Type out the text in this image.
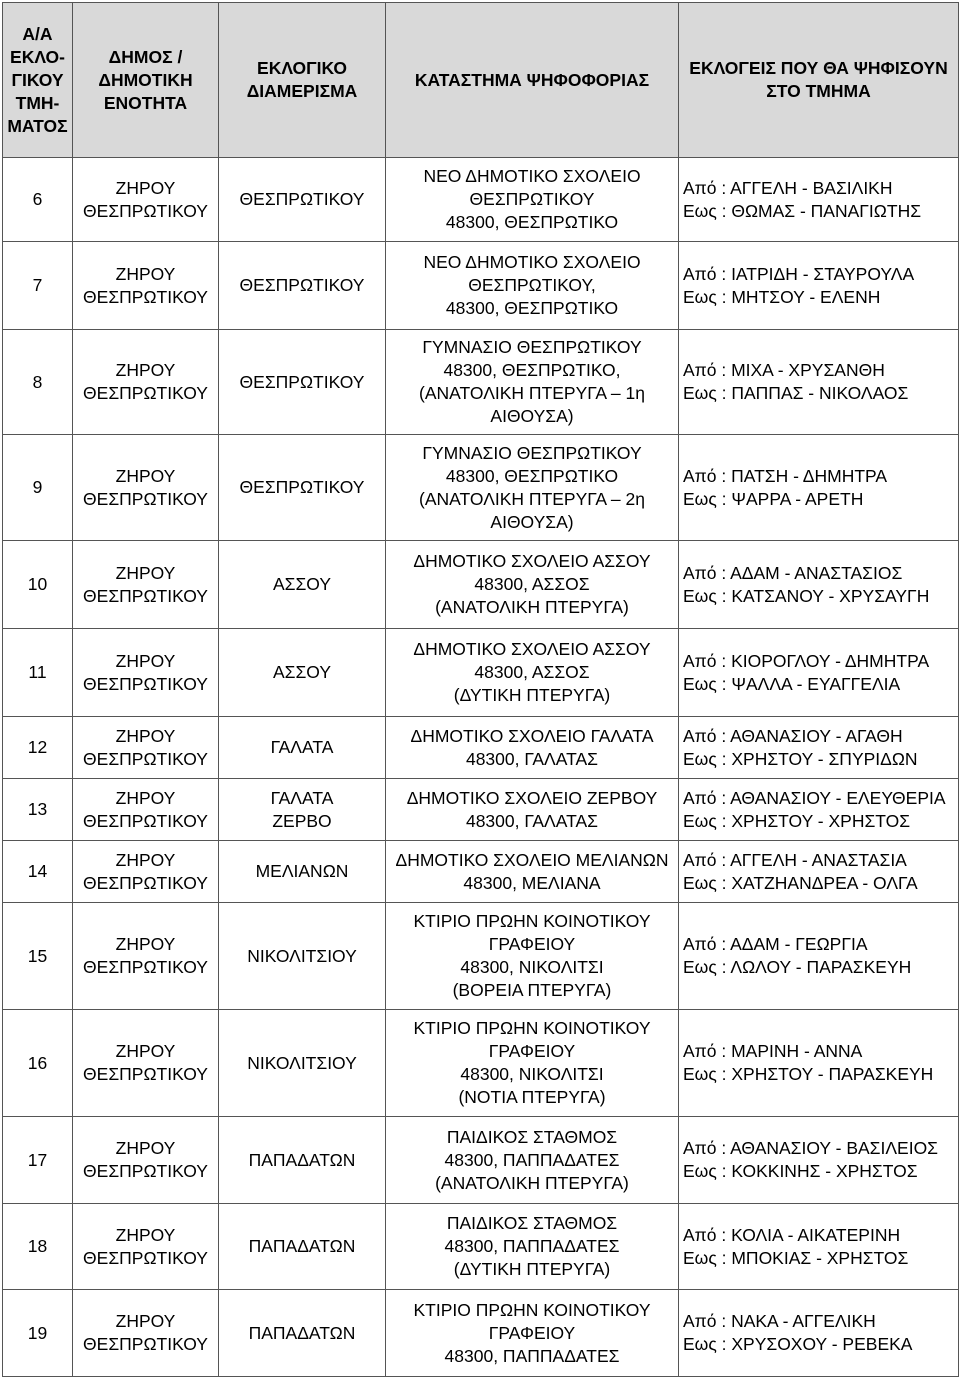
Α/Α
ΕΚΛΟ-
ΓΙΚΟΥ
ΤΜΗ-
ΜΑΤΟΣ	ΔΗΜΟΣ /
ΔΗΜΟΤΙΚΗ
ΕΝΟΤΗΤΑ	ΕΚΛΟΓΙΚΟ
ΔΙΑΜΕΡΙΣΜΑ	ΚΑΤΑΣΤΗΜΑ ΨΗΦΟΦΟΡΙΑΣ	ΕΚΛΟΓΕΙΣ ΠΟΥ ΘΑ ΨΗΦΙΣΟΥΝ
ΣΤΟ ΤΜΗΜΑ

6	ΖΗΡΟΥ
ΘΕΣΠΡΩΤΙΚΟΥ	ΘΕΣΠΡΩΤΙΚΟΥ	ΝΕΟ ΔΗΜΟΤΙΚΟ ΣΧΟΛΕΙΟ
ΘΕΣΠΡΩΤΙΚΟΥ
48300, ΘΕΣΠΡΩΤΙΚΟ	Από : ΑΓΓΕΛΗ - ΒΑΣΙΛΙΚΗ
Εως : ΘΩΜΑΣ - ΠΑΝΑΓΙΩΤΗΣ

7	ΖΗΡΟΥ
ΘΕΣΠΡΩΤΙΚΟΥ	ΘΕΣΠΡΩΤΙΚΟΥ	ΝΕΟ ΔΗΜΟΤΙΚΟ ΣΧΟΛΕΙΟ
ΘΕΣΠΡΩΤΙΚΟΥ,
48300, ΘΕΣΠΡΩΤΙΚΟ	Από : ΙΑΤΡΙΔΗ - ΣΤΑΥΡΟΥΛΑ
Εως : ΜΗΤΣΟΥ - ΕΛΕΝΗ

8	ΖΗΡΟΥ
ΘΕΣΠΡΩΤΙΚΟΥ	ΘΕΣΠΡΩΤΙΚΟΥ	ΓΥΜΝΑΣΙΟ ΘΕΣΠΡΩΤΙΚΟΥ
48300, ΘΕΣΠΡΩΤΙΚΟ,
(ΑΝΑΤΟΛΙΚΗ ΠΤΕΡΥΓΑ – 1η
ΑΙΘΟΥΣΑ)	Από : ΜΙΧΑ - ΧΡΥΣΑΝΘΗ
Εως : ΠΑΠΠΑΣ - ΝΙΚΟΛΑΟΣ

9	ΖΗΡΟΥ
ΘΕΣΠΡΩΤΙΚΟΥ	ΘΕΣΠΡΩΤΙΚΟΥ	ΓΥΜΝΑΣΙΟ ΘΕΣΠΡΩΤΙΚΟΥ
48300, ΘΕΣΠΡΩΤΙΚΟ
(ΑΝΑΤΟΛΙΚΗ ΠΤΕΡΥΓΑ – 2η
ΑΙΘΟΥΣΑ)	Από : ΠΑΤΣΗ - ΔΗΜΗΤΡΑ
Εως : ΨΑΡΡΑ - ΑΡΕΤΗ

10	ΖΗΡΟΥ
ΘΕΣΠΡΩΤΙΚΟΥ	ΑΣΣΟΥ	ΔΗΜΟΤΙΚΟ ΣΧΟΛΕΙΟ ΑΣΣΟΥ
48300, ΑΣΣΟΣ
(ΑΝΑΤΟΛΙΚΗ ΠΤΕΡΥΓΑ)	Από : ΑΔΑΜ - ΑΝΑΣΤΑΣΙΟΣ
Εως : ΚΑΤΣΑΝΟΥ - ΧΡΥΣΑΥΓΗ

11	ΖΗΡΟΥ
ΘΕΣΠΡΩΤΙΚΟΥ	ΑΣΣΟΥ	ΔΗΜΟΤΙΚΟ ΣΧΟΛΕΙΟ ΑΣΣΟΥ
48300, ΑΣΣΟΣ
(ΔΥΤΙΚΗ ΠΤΕΡΥΓΑ)	Από : ΚΙΟΡΟΓΛΟΥ - ΔΗΜΗΤΡΑ
Εως : ΨΑΛΛΑ - ΕΥΑΓΓΕΛΙΑ

12	ΖΗΡΟΥ
ΘΕΣΠΡΩΤΙΚΟΥ	ΓΑΛΑΤΑ	ΔΗΜΟΤΙΚΟ ΣΧΟΛΕΙΟ ΓΑΛΑΤΑ
48300, ΓΑΛΑΤΑΣ	Από : ΑΘΑΝΑΣΙΟΥ - ΑΓΑΘΗ
Εως : ΧΡΗΣΤΟΥ - ΣΠΥΡΙΔΩΝ

13	ΖΗΡΟΥ
ΘΕΣΠΡΩΤΙΚΟΥ	ΓΑΛΑΤΑ
ΖΕΡΒΟ	ΔΗΜΟΤΙΚΟ ΣΧΟΛΕΙΟ ΖΕΡΒΟΥ
48300, ΓΑΛΑΤΑΣ	Από : ΑΘΑΝΑΣΙΟΥ - ΕΛΕΥΘΕΡΙΑ
Εως : ΧΡΗΣΤΟΥ - ΧΡΗΣΤΟΣ

14	ΖΗΡΟΥ
ΘΕΣΠΡΩΤΙΚΟΥ	ΜΕΛΙΑΝΩΝ	ΔΗΜΟΤΙΚΟ ΣΧΟΛΕΙΟ ΜΕΛΙΑΝΩΝ
48300, ΜΕΛΙΑΝΑ	Από : ΑΓΓΕΛΗ - ΑΝΑΣΤΑΣΙΑ
Εως : ΧΑΤΖΗΑΝΔΡΕΑ - ΟΛΓΑ

15	ΖΗΡΟΥ
ΘΕΣΠΡΩΤΙΚΟΥ	ΝΙΚΟΛΙΤΣΙΟΥ	ΚΤΙΡΙΟ ΠΡΩΗΝ ΚΟΙΝΟΤΙΚΟΥ
ΓΡΑΦΕΙΟΥ
48300, ΝΙΚΟΛΙΤΣΙ
(ΒΟΡΕΙΑ ΠΤΕΡΥΓΑ)	Από : ΑΔΑΜ - ΓΕΩΡΓΙΑ
Εως : ΛΩΛΟΥ - ΠΑΡΑΣΚΕΥΗ

16	ΖΗΡΟΥ
ΘΕΣΠΡΩΤΙΚΟΥ	ΝΙΚΟΛΙΤΣΙΟΥ	ΚΤΙΡΙΟ ΠΡΩΗΝ ΚΟΙΝΟΤΙΚΟΥ
ΓΡΑΦΕΙΟΥ
48300, ΝΙΚΟΛΙΤΣΙ
(ΝΟΤΙΑ ΠΤΕΡΥΓΑ)	Από : ΜΑΡΙΝΗ - ΑΝΝΑ
Εως : ΧΡΗΣΤΟΥ - ΠΑΡΑΣΚΕΥΗ

17	ΖΗΡΟΥ
ΘΕΣΠΡΩΤΙΚΟΥ	ΠΑΠΑΔΑΤΩΝ	ΠΑΙΔΙΚΟΣ ΣΤΑΘΜΟΣ
48300, ΠΑΠΠΑΔΑΤΕΣ
(ΑΝΑΤΟΛΙΚΗ ΠΤΕΡΥΓΑ)	Από : ΑΘΑΝΑΣΙΟΥ - ΒΑΣΙΛΕΙΟΣ
Εως : ΚΟΚΚΙΝΗΣ - ΧΡΗΣΤΟΣ

18	ΖΗΡΟΥ
ΘΕΣΠΡΩΤΙΚΟΥ	ΠΑΠΑΔΑΤΩΝ	ΠΑΙΔΙΚΟΣ ΣΤΑΘΜΟΣ
48300, ΠΑΠΠΑΔΑΤΕΣ
(ΔΥΤΙΚΗ ΠΤΕΡΥΓΑ)	Από : ΚΟΛΙΑ - ΑΙΚΑΤΕΡΙΝΗ
Εως : ΜΠΟΚΙΑΣ - ΧΡΗΣΤΟΣ

19	ΖΗΡΟΥ
ΘΕΣΠΡΩΤΙΚΟΥ	ΠΑΠΑΔΑΤΩΝ	ΚΤΙΡΙΟ ΠΡΩΗΝ ΚΟΙΝΟΤΙΚΟΥ
ΓΡΑΦΕΙΟΥ
48300, ΠΑΠΠΑΔΑΤΕΣ	Από : ΝΑΚΑ - ΑΓΓΕΛΙΚΗ
Εως : ΧΡΥΣΟΧΟΥ - ΡΕΒΕΚΑ
